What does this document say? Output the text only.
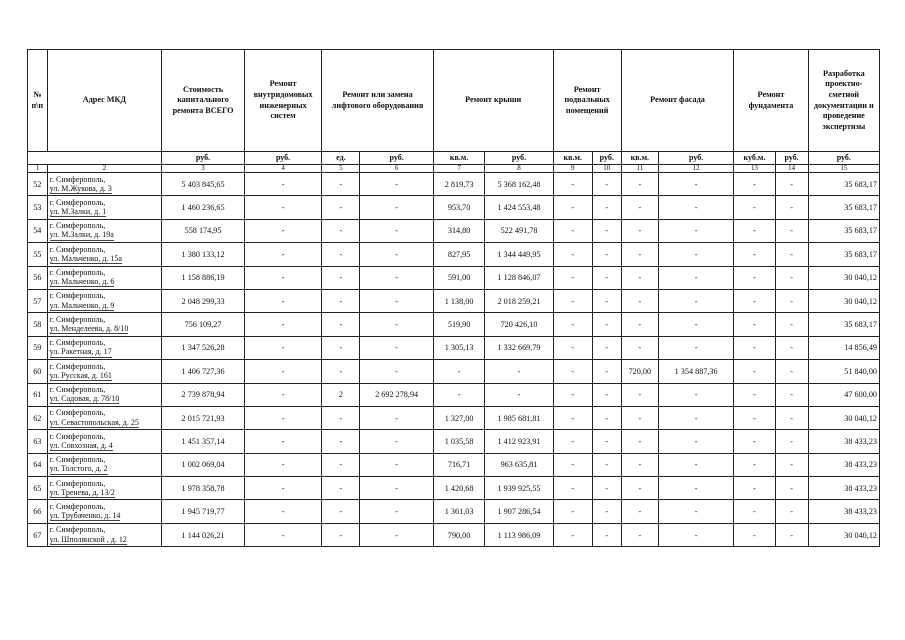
№ п\п	Адрес МКД	Стоимость капитального ремонта ВСЕГО	Ремонт внутридомовых инженерных систем	Ремонт или замена лифтового оборудования		Ремонт крыши		Ремонт подвальных помещений		Ремонт фасада		Ремонт фундамента		Разработка проектно-сметной документации и проведение экспертизы
		руб.	руб.	ед.	руб.	кв.м.	руб.	кв.м.	руб.	кв.м.	руб.	куб.м.	руб.	руб.
1	2	3	4	5	6	7	8	9	10	11	12	13	14	15
52	г. Симферополь,
ул. М.Жукова, д. 3	5 403 845,65	-	-	-	2 819,73	5 368 162,48	-	-	-	-	-	-	35 683,17
53	г. Симферополь,
ул. М.Залки, д. 1	1 460 236,65	-	-	-	953,70	1 424 553,48	-	-	-	-	-	-	35 683,17
54	г. Симферополь,
ул. М.Залки, д. 19а	558 174,95	-	-	-	314,80	522 491,78	-	-	-	-	-	-	35 683,17
55	г. Симферополь,
ул. Мальченко, д. 15а	1 380 133,12	-	-	-	827,95	1 344 449,95	-	-	-	-	-	-	35 683,17
56	г. Симферополь,
ул. Мальченко, д. 6	1 158 886,19	-	-	-	591,00	1 128 846,07	-	-	-	-	-	-	30 040,12
57	г. Симферополь,
ул. Мальченко, д. 9	2 048 299,33	-	-	-	1 138,00	2 018 259,21	-	-	-	-	-	-	30 040,12
58	г. Симферополь,
ул. Менделеева, д. 8/10	756 109,27	-	-	-	519,90	720 426,10	-	-	-	-	-	-	35 683,17
59	г. Симферополь,
ул. Ракетная, д. 17	1 347 526,28	-	-	-	1 305,13	1 332 669,79	-	-	-	-	-	-	14 856,49
60	г. Симферополь,
ул. Русская, д. 161	1 406 727,36	-	-	-	-	-	-	-	720,00	1 354 887,36	-	-	51 840,00
61	г. Симферополь,
ул. Садовая, д. 78/10	2 739 878,94	-	2	2 692 278,94	-	-	-	-	-	-	-	-	47 600,00
62	г. Симферополь,
ул. Севастопольская, д. 25	2 015 721,93	-	-	-	1 327,00	1 985 681,81	-	-	-	-	-	-	30 040,12
63	г. Симферополь,
ул. Совхозная, д. 4	1 451 357,14	-	-	-	1 035,58	1 412 923,91	-	-	-	-	-	-	38 433,23
64	г. Симферополь,
ул. Толстого, д. 2	1 002 069,04	-	-	-	716,71	963 635,81	-	-	-	-	-	-	38 433,23
65	г. Симферополь,
ул. Тренева, д. 13/2	1 978 358,78	-	-	-	1 420,68	1 939 925,55	-	-	-	-	-	-	38 433,23
66	г. Симферополь,
ул. Трубаченко, д. 14	1 945 719,77	-	-	-	1 361,03	1 907 286,54	-	-	-	-	-	-	38 433,23
67	г. Симферополь,
ул. Шполянской , д. 12	1 144 026,21	-	-	-	790,00	1 113 986,09	-	-	-	-	-	-	30 040,12
